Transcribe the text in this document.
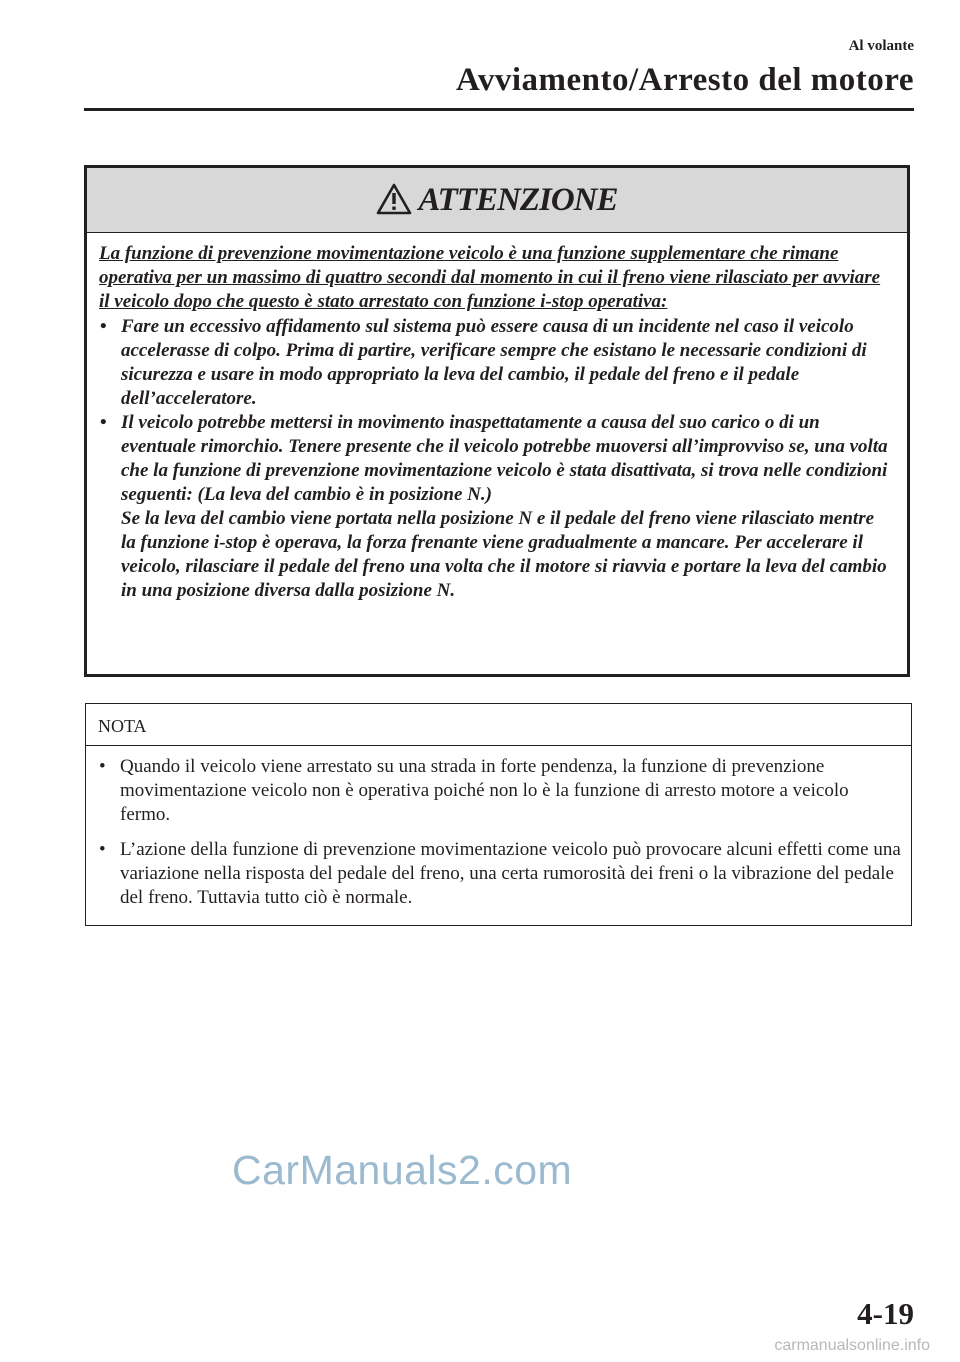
Al volante
Avviamento/Arresto del motore
ATTENZIONE

La funzione di prevenzione movimentazione veicolo è una funzione supplementare che rimane operativa per un massimo di quattro secondi dal momento in cui il freno viene rilasciato per avviare il veicolo dopo che questo è stato arrestato con funzione i-stop operativa:

• Fare un eccessivo affidamento sul sistema può essere causa di un incidente nel caso il veicolo accelerasse di colpo. Prima di partire, verificare sempre che esistano le necessarie condizioni di sicurezza e usare in modo appropriato la leva del cambio, il pedale del freno e il pedale dell’acceleratore.
• Il veicolo potrebbe mettersi in movimento inaspettatamente a causa del suo carico o di un eventuale rimorchio. Tenere presente che il veicolo potrebbe muoversi all’improvviso se, una volta che la funzione di prevenzione movimentazione veicolo è stata disattivata, si trova nelle condizioni seguenti: (La leva del cambio è in posizione N.)
Se la leva del cambio viene portata nella posizione N e il pedale del freno viene rilasciato mentre la funzione i-stop è operava, la forza frenante viene gradualmente a mancare. Per accelerare il veicolo, rilasciare il pedale del freno una volta che il motore si riavvia e portare la leva del cambio in una posizione diversa dalla posizione N.
NOTA
• Quando il veicolo viene arrestato su una strada in forte pendenza, la funzione di prevenzione movimentazione veicolo non è operativa poiché non lo è la funzione di arresto motore a veicolo fermo.
• L’azione della funzione di prevenzione movimentazione veicolo può provocare alcuni effetti come una variazione nella risposta del pedale del freno, una certa rumorosità dei freni o la vibrazione del pedale del freno. Tuttavia tutto ciò è normale.
CarManuals2.com
4-19
carmanualsonline.info
